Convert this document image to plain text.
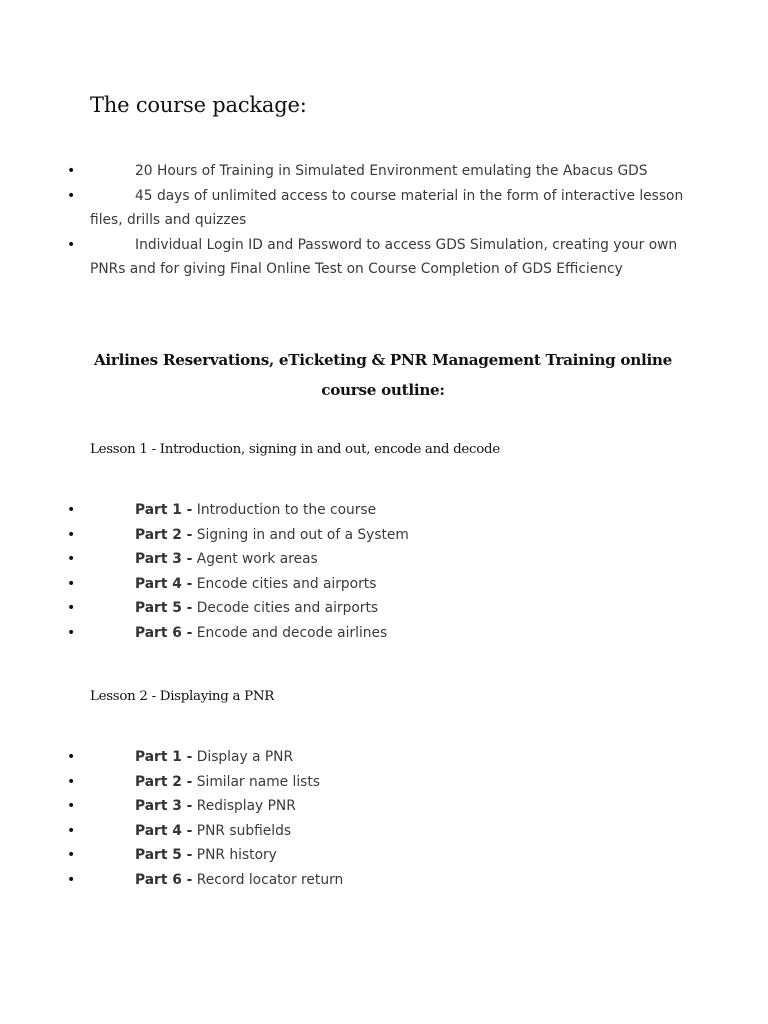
The course package:
•	20 Hours of Training in Simulated Environment emulating the Abacus GDS
•	45 days of unlimited access to course material in the form of interactive lesson files, drills and quizzes
•	Individual Login ID and Password to access GDS Simulation, creating your own PNRs and for giving Final Online Test on Course Completion of GDS Efficiency
Airlines Reservations, eTicketing & PNR Management Training online course outline:
Lesson 1 - Introduction, signing in and out, encode and decode
•	Part 1 - Introduction to the course
•	Part 2 - Signing in and out of a System
•	Part 3 - Agent work areas
•	Part 4 - Encode cities and airports
•	Part 5 - Decode cities and airports
•	Part 6 - Encode and decode airlines
Lesson 2 - Displaying a PNR
•	Part 1 - Display a PNR
•	Part 2 - Similar name lists
•	Part 3 - Redisplay PNR
•	Part 4 - PNR subfields
•	Part 5 - PNR history
•	Part 6 - Record locator return
